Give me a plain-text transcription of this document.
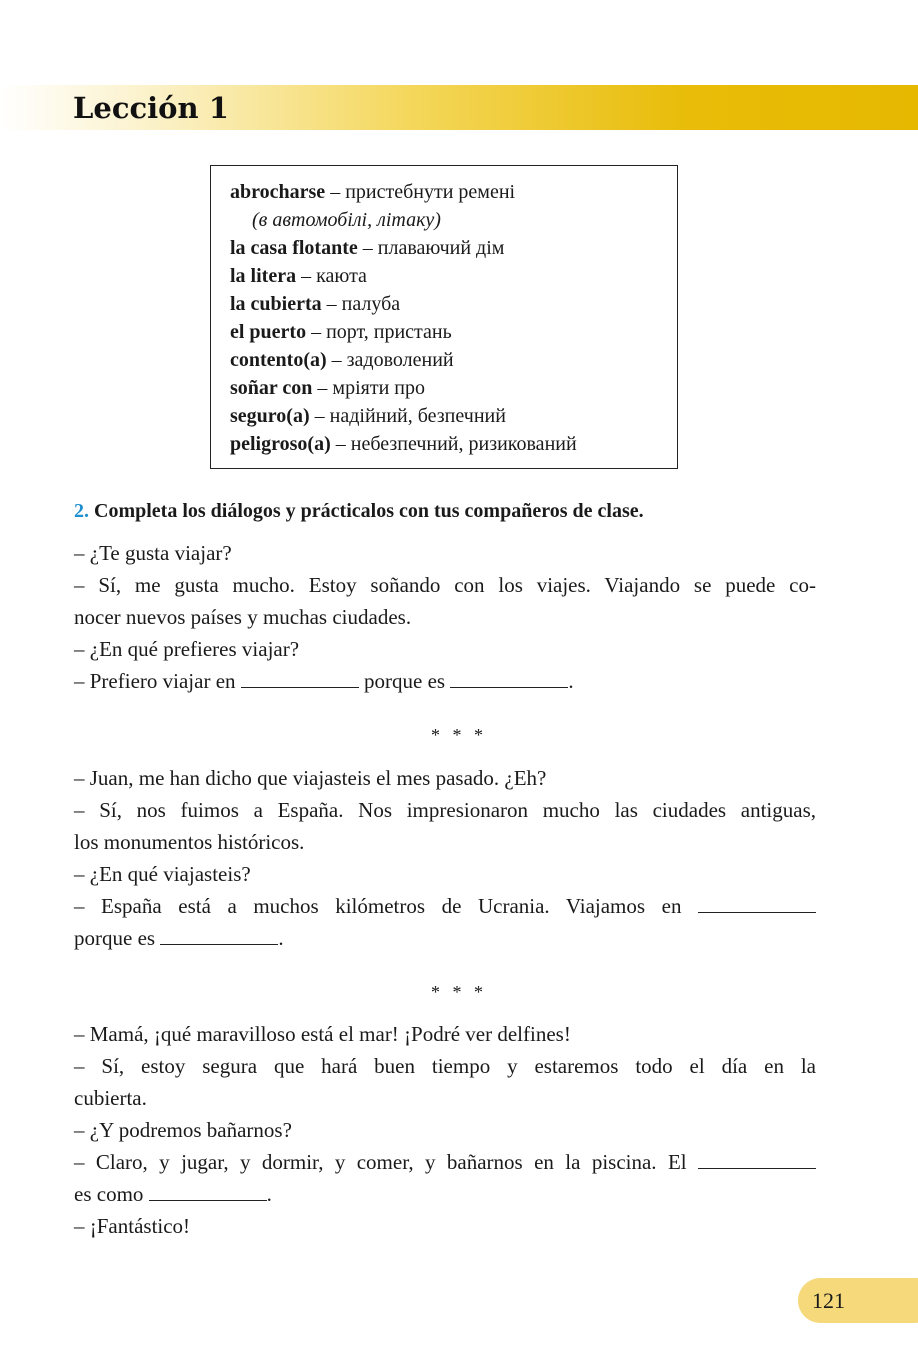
Lección 1
abrocharse – пристебнути ремені
(в автомобілі, літаку)
la casa flotante – плаваючий дім
la litera – каюта
la cubierta – палуба
el puerto – порт, пристань
contento(a) – задоволений
soñar con – мріяти про
seguro(a) – надійний, безпечний
peligroso(a) – небезпечний, ризикований
2. Completa los diálogos y prácticalos con tus compañeros de clase.

– ¿Te gusta viajar?

– Sí, me gusta mucho. Estoy soñando con los viajes. Viajando se puede co-

nocer nuevos países y muchas ciudades.

– ¿En qué prefieres viajar?

– Prefiero viajar en	porque es	.

* * *

– Juan, me han dicho que viajasteis el mes pasado. ¿Eh?

– Sí, nos fuimos a España. Nos impresionaron mucho las ciudades antiguas,

los monumentos históricos.

– ¿En qué viajasteis?

– España está a muchos kilómetros de Ucrania. Viajamos en

porque es	.

* * *

– Mamá, ¡qué maravilloso está el mar! ¡Podré ver delfines!

– Sí, estoy segura que hará buen tiempo y estaremos todo el día en la

cubierta.

– ¿Y podremos bañarnos?

– Claro, y jugar, y dormir, y comer, y bañarnos en la piscina. El

es como	.

– ¡Fantástico!

121
